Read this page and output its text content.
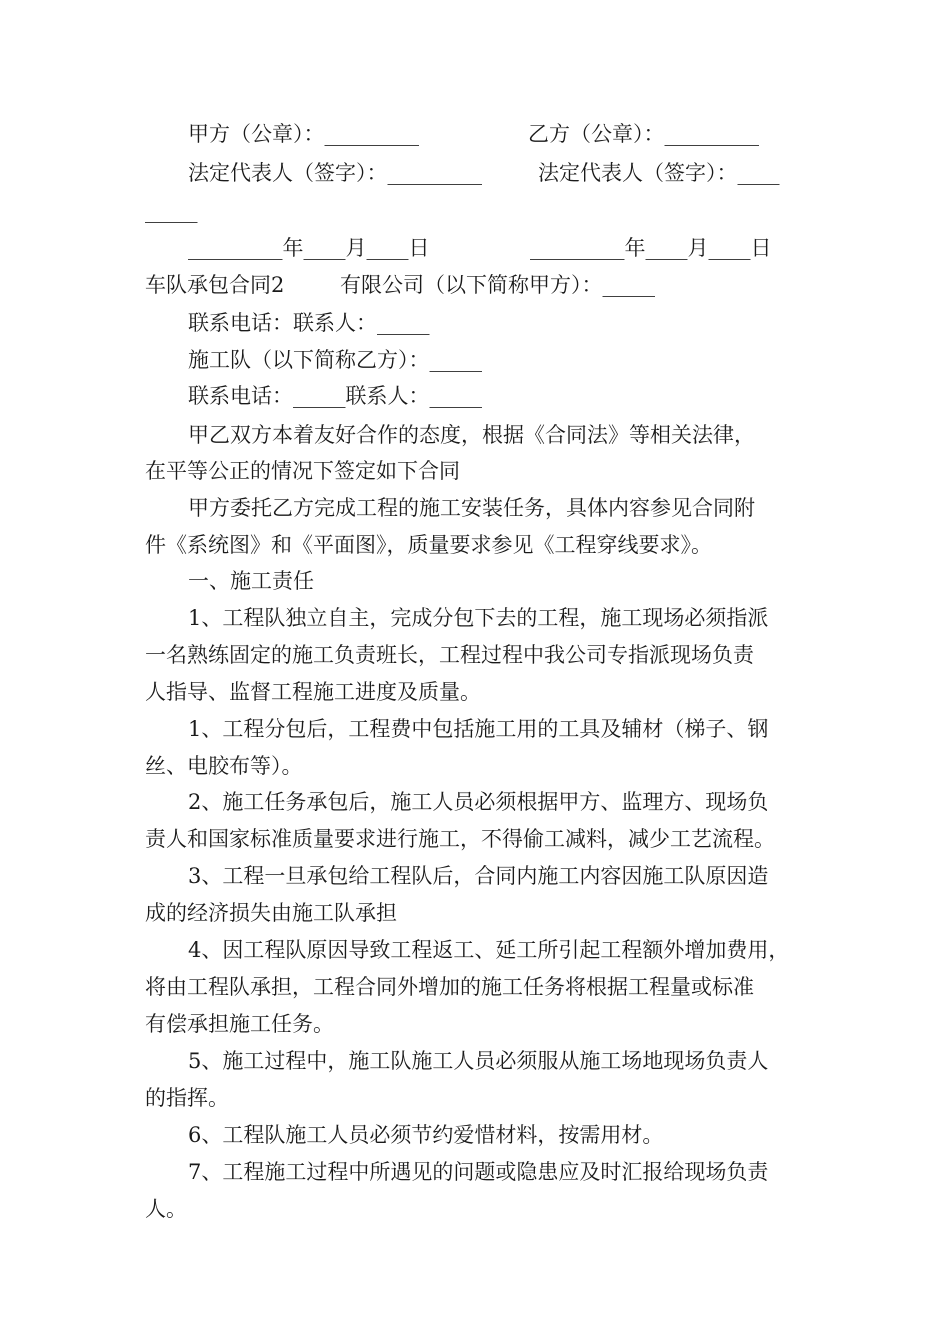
甲方（公章）：_________	乙方（公章）：_________
法定代表人（签字）：_________	法定代表人（签字）：____
_____
_________年____月____日	_________年____月____日
车队承包合同2	有限公司（以下简称甲方）：_____
联系电话：联系人：_____
施工队（以下简称乙方）：_____
联系电话：_____联系人：_____
甲乙双方本着友好合作的态度，根据《合同法》等相关法律，
在平等公正的情况下签定如下合同
甲方委托乙方完成工程的施工安装任务，具体内容参见合同附
件《系统图》和《平面图》，质量要求参见《工程穿线要求》。
一、施工责任
1、工程队独立自主，完成分包下去的工程，施工现场必须指派
一名熟练固定的施工负责班长，工程过程中我公司专指派现场负责
人指导、监督工程施工进度及质量。
1、工程分包后，工程费中包括施工用的工具及辅材（梯子、钢
丝、电胶布等）。
2、施工任务承包后，施工人员必须根据甲方、监理方、现场负
责人和国家标准质量要求进行施工，不得偷工减料，减少工艺流程。
3、工程一旦承包给工程队后，合同内施工内容因施工队原因造
成的经济损失由施工队承担
4、因工程队原因导致工程返工、延工所引起工程额外增加费用，
将由工程队承担，工程合同外增加的施工任务将根据工程量或标准
有偿承担施工任务。
5、施工过程中，施工队施工人员必须服从施工场地现场负责人
的指挥。
6、工程队施工人员必须节约爱惜材料，按需用材。
7、工程施工过程中所遇见的问题或隐患应及时汇报给现场负责
人。
